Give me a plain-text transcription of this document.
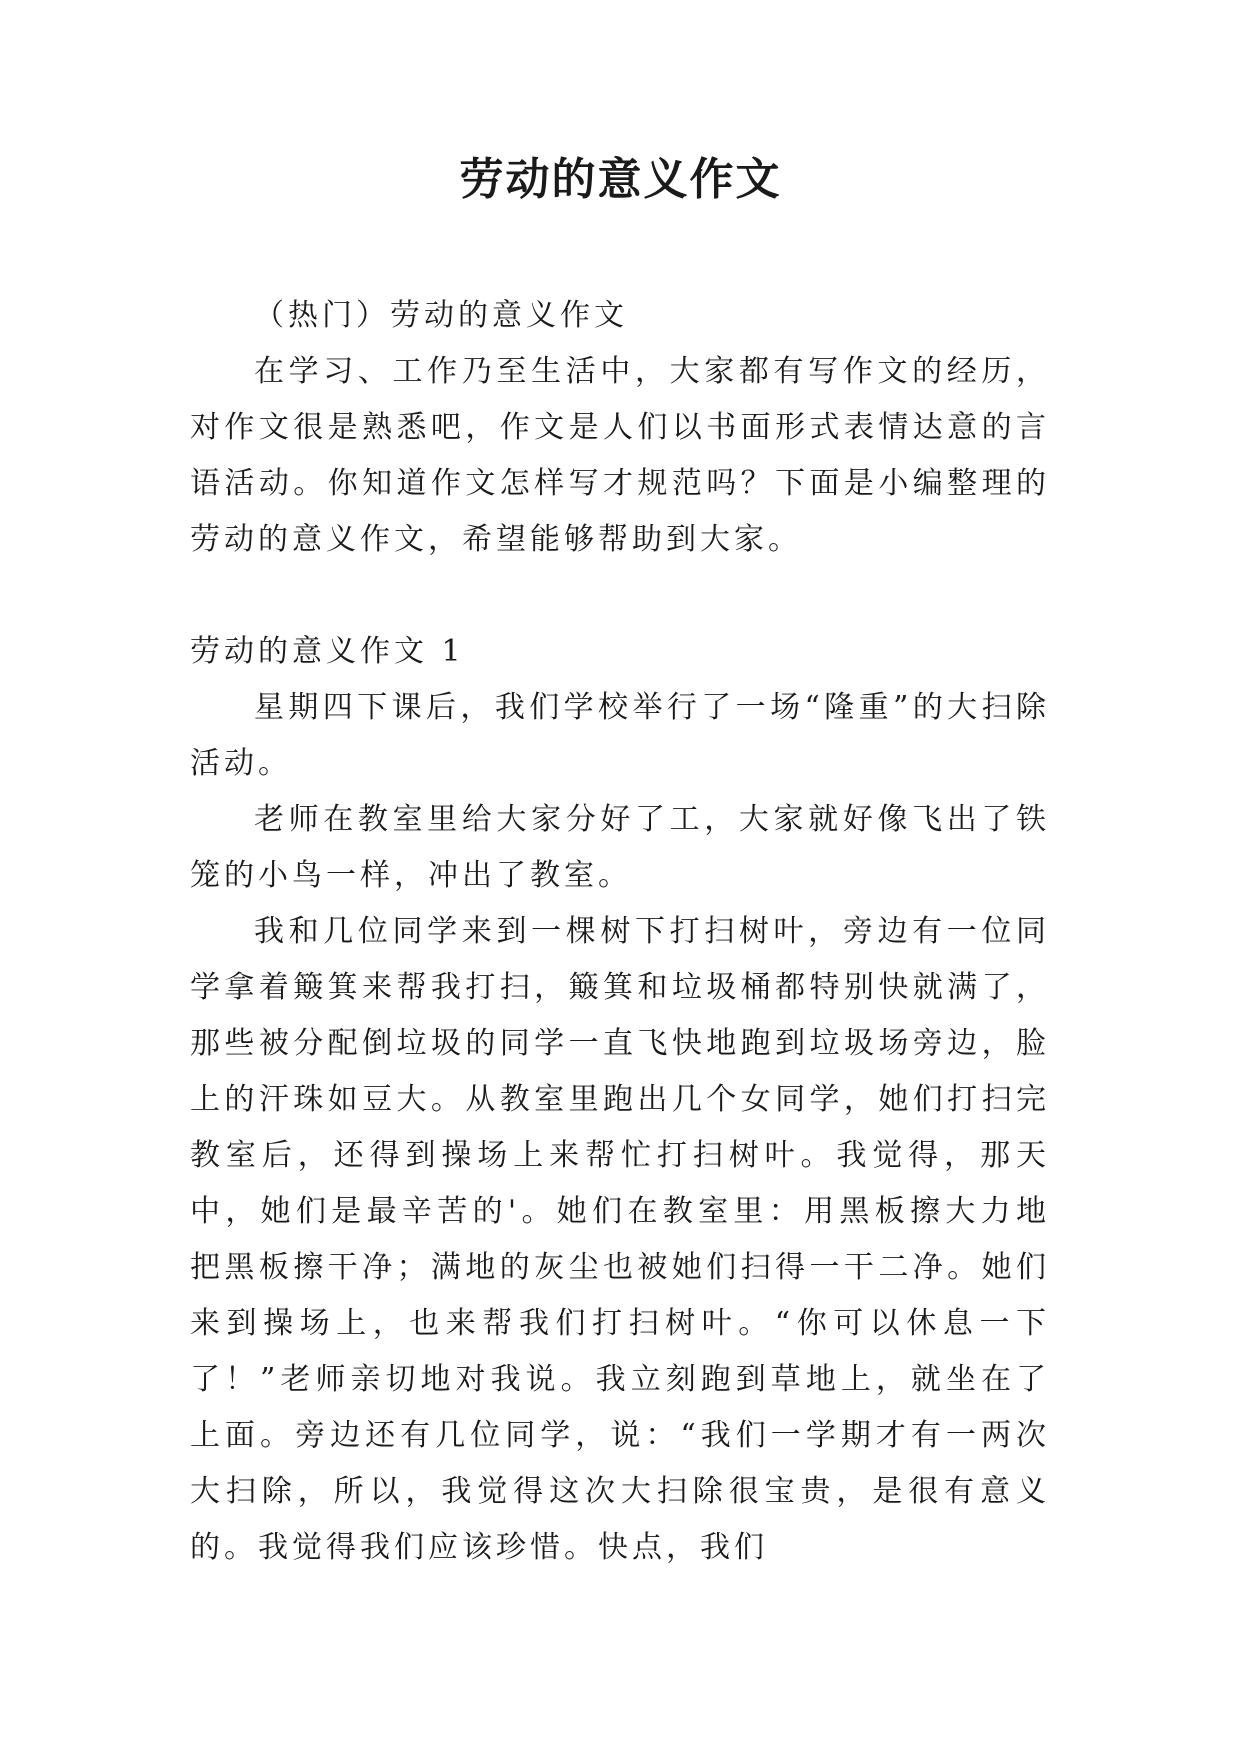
劳动的意义作文

（热门）劳动的意义作文

在学习、工作乃至生活中，大家都有写作文的经历，对作文很是熟悉吧，作文是人们以书面形式表情达意的言语活动。你知道作文怎样写才规范吗？下面是小编整理的劳动的意义作文，希望能够帮助到大家。

劳动的意义作文 1

星期四下课后，我们学校举行了一场“隆重”的大扫除活动。

老师在教室里给大家分好了工，大家就好像飞出了铁笼的小鸟一样，冲出了教室。

我和几位同学来到一棵树下打扫树叶，旁边有一位同学拿着簸箕来帮我打扫，簸箕和垃圾桶都特别快就满了，那些被分配倒垃圾的同学一直飞快地跑到垃圾场旁边，脸上的汗珠如豆大。从教室里跑出几个女同学，她们打扫完教室后，还得到操场上来帮忙打扫树叶。我觉得，那天中，她们是最辛苦的'。她们在教室里：用黑板擦大力地把黑板擦干净；满地的灰尘也被她们扫得一干二净。她们来到操场上，也来帮我们打扫树叶。“你可以休息一下了！”老师亲切地对我说。我立刻跑到草地上，就坐在了上面。旁边还有几位同学，说：“我们一学期才有一两次大扫除，所以，我觉得这次大扫除很宝贵，是很有意义的。我觉得我们应该珍惜。快点，我们
